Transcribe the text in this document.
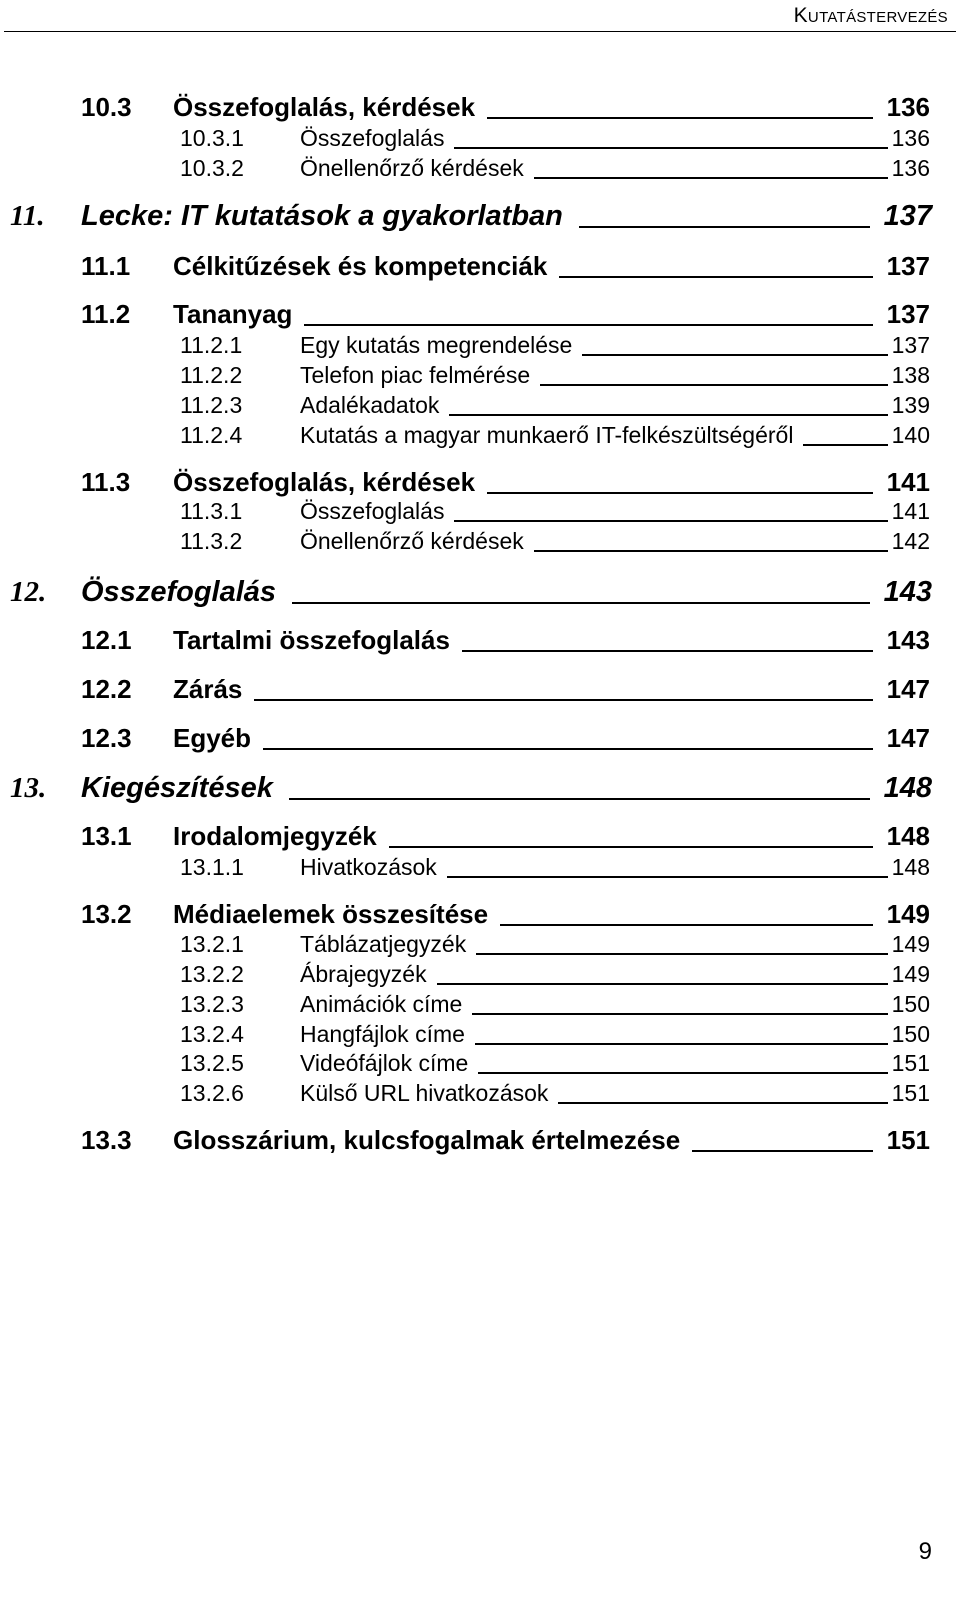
Kutatástervezés
10.3	Összefoglalás, kérdések	136
10.3.1	Összefoglalás	136
10.3.2	Önellenőrző kérdések	136
11. Lecke: IT kutatások a gyakorlatban	137
11.1	Célkitűzések és kompetenciák	137
11.2	Tananyag	137
11.2.1	Egy kutatás megrendelése	137
11.2.2	Telefon piac felmérése	138
11.2.3	Adalékadatok	139
11.2.4	Kutatás a magyar munkaerő IT-felkészültségéről	140
11.3	Összefoglalás, kérdések	141
11.3.1	Összefoglalás	141
11.3.2	Önellenőrző kérdések	142
12. Összefoglalás	143
12.1	Tartalmi összefoglalás	143
12.2	Zárás	147
12.3	Egyéb	147
13. Kiegészítések	148
13.1	Irodalomjegyzék	148
13.1.1	Hivatkozások	148
13.2	Médiaelemek összesítése	149
13.2.1	Táblázatjegyzék	149
13.2.2	Ábrajegyzék	149
13.2.3	Animációk címe	150
13.2.4	Hangfájlok címe	150
13.2.5	Videófájlok címe	151
13.2.6	Külső URL hivatkozások	151
13.3	Glosszárium, kulcsfogalmak értelmezése	151
9
